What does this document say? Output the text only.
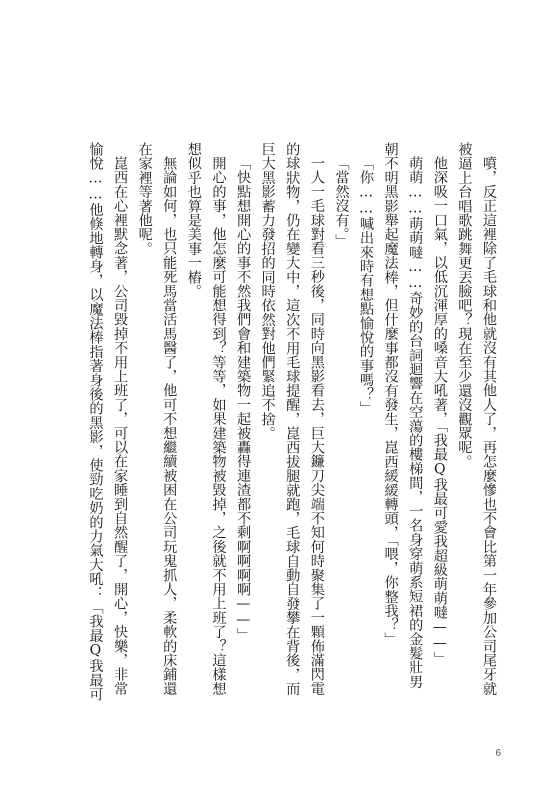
噴，反正這裡除了毛球和他就沒有其他人了，再怎麼慘也不會比第一年參加公司尾牙就被逼上台唱歌跳舞更丟臉吧？現在至少還沒觀眾呢。

他深吸一口氣，以低沉渾厚的嗓音大吼著，「我最Q我最可愛我超級萌萌噠——」

萌萌……萌萌噠……奇妙的台詞迴響在空蕩的樓梯間，一名身穿萌系短裙的金髮壯男朝不明黑影舉起魔法棒，但什麼事都沒有發生，崑西緩緩轉頭，「喂，你整我？」

「你……喊出來時有想點愉悅的事嗎？」

「當然沒有。」

一人一毛球對看三秒後，同時向黑影看去，巨大鐮刀尖端不知何時聚集了一顆佈滿閃電的球狀物，仍在變大中，這次不用毛球提醒，崑西拔腿就跑，毛球自動自發攀在背後，而巨大黑影蓄力發招的同時依然對他們緊追不捨。

「快點想開心的事不然我們會和建築物一起被轟得連渣都不剩啊啊啊啊——」

開心的事，他怎麼可能想得到？等等，如果建築物被毀掉，之後就不用上班了？這樣想想似乎也算是美事一樁。

無論如何，也只能死馬當活馬醫了，他可不想繼續被困在公司玩鬼抓人，柔軟的床鋪還在家裡等著他呢。

崑西在心裡默念著，公司毀掉不用上班了，可以在家睡到自然醒了，開心，快樂，非常愉悅……他倏地轉身，以魔法棒指著身後的黑影，使勁吃奶的力氣大吼：「我最Q我最可

6
